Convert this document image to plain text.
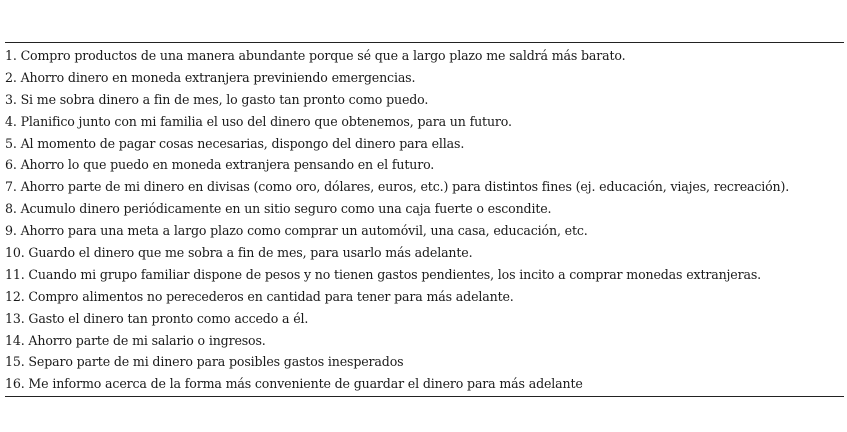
1. Compro productos de una manera abundante porque sé que a largo plazo me saldrá más barato.
2. Ahorro dinero en moneda extranjera previniendo emergencias.
3. Si me sobra dinero a fin de mes, lo gasto tan pronto como puedo.
4. Planifico junto con mi familia el uso del dinero que obtenemos, para un futuro.
5. Al momento de pagar cosas necesarias, dispongo del dinero para ellas.
6. Ahorro lo que puedo en moneda extranjera pensando en el futuro.
7. Ahorro parte de mi dinero en divisas (como oro, dólares, euros, etc.) para distintos fines (ej. educación, viajes, recreación).
8. Acumulo dinero periódicamente en un sitio seguro como una caja fuerte o escondite.
9. Ahorro para una meta a largo plazo como comprar un automóvil, una casa, educación, etc.
10. Guardo el dinero que me sobra a fin de mes, para usarlo más adelante.
11. Cuando mi grupo familiar dispone de pesos y no tienen gastos pendientes, los incito a comprar monedas extranjeras.
12. Compro alimentos no perecederos en cantidad para tener para más adelante.
13. Gasto el dinero tan pronto como accedo a él.
14. Ahorro parte de mi salario o ingresos.
15. Separo parte de mi dinero para posibles gastos inesperados
16. Me informo acerca de la forma más conveniente de guardar el dinero para más adelante
